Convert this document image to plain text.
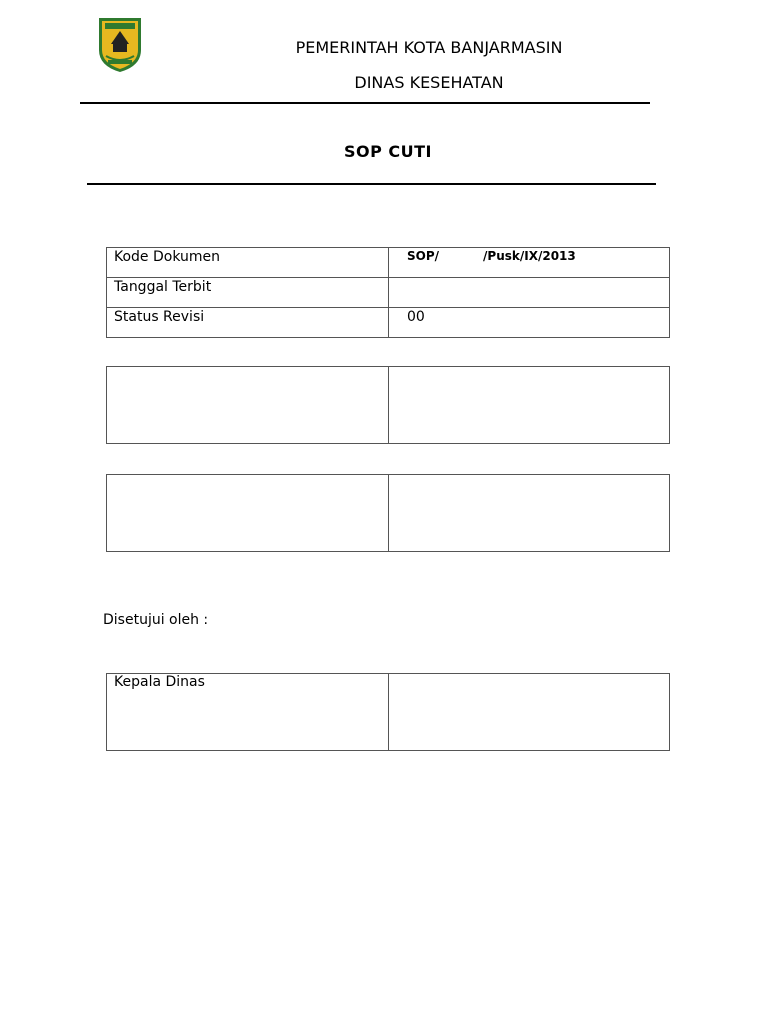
PEMERINTAH KOTA BANJARMASIN
DINAS KESEHATAN
SOP CUTI
Kode Dokumen	SOP/ /Pusk/IX/2013
Tanggal Terbit	
Status Revisi	00

Disetujui oleh :
Kepala Dinas	
